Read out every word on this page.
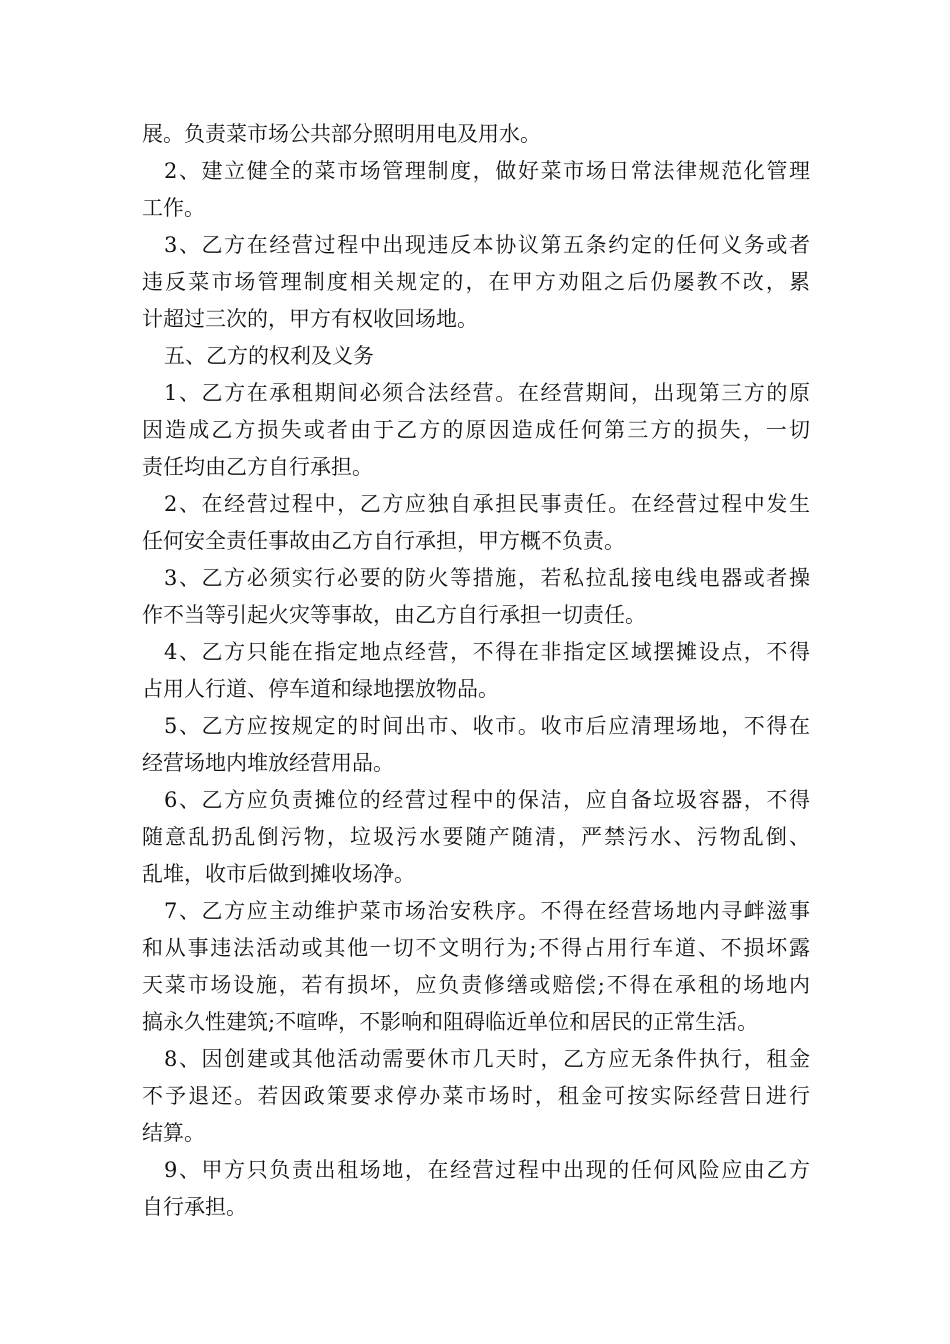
展。负责菜市场公共部分照明用电及用水。
2、建立健全的菜市场管理制度，做好菜市场日常法律规范化管理
工作。
3、乙方在经营过程中出现违反本协议第五条约定的任何义务或者
违反菜市场管理制度相关规定的，在甲方劝阻之后仍屡教不改，累
计超过三次的，甲方有权收回场地。
五、乙方的权利及义务
1、乙方在承租期间必须合法经营。在经营期间，出现第三方的原
因造成乙方损失或者由于乙方的原因造成任何第三方的损失，一切
责任均由乙方自行承担。
2、在经营过程中，乙方应独自承担民事责任。在经营过程中发生
任何安全责任事故由乙方自行承担，甲方概不负责。
3、乙方必须实行必要的防火等措施，若私拉乱接电线电器或者操
作不当等引起火灾等事故，由乙方自行承担一切责任。
4、乙方只能在指定地点经营，不得在非指定区域摆摊设点，不得
占用人行道、停车道和绿地摆放物品。
5、乙方应按规定的时间出市、收市。收市后应清理场地，不得在
经营场地内堆放经营用品。
6、乙方应负责摊位的经营过程中的保洁，应自备垃圾容器，不得
随意乱扔乱倒污物，垃圾污水要随产随清，严禁污水、污物乱倒、
乱堆，收市后做到摊收场净。
7、乙方应主动维护菜市场治安秩序。不得在经营场地内寻衅滋事
和从事违法活动或其他一切不文明行为;不得占用行车道、不损坏露
天菜市场设施，若有损坏，应负责修缮或赔偿;不得在承租的场地内
搞永久性建筑;不喧哗，不影响和阻碍临近单位和居民的正常生活。
8、因创建或其他活动需要休市几天时，乙方应无条件执行，租金
不予退还。若因政策要求停办菜市场时，租金可按实际经营日进行
结算。
9、甲方只负责出租场地，在经营过程中出现的任何风险应由乙方
自行承担。
